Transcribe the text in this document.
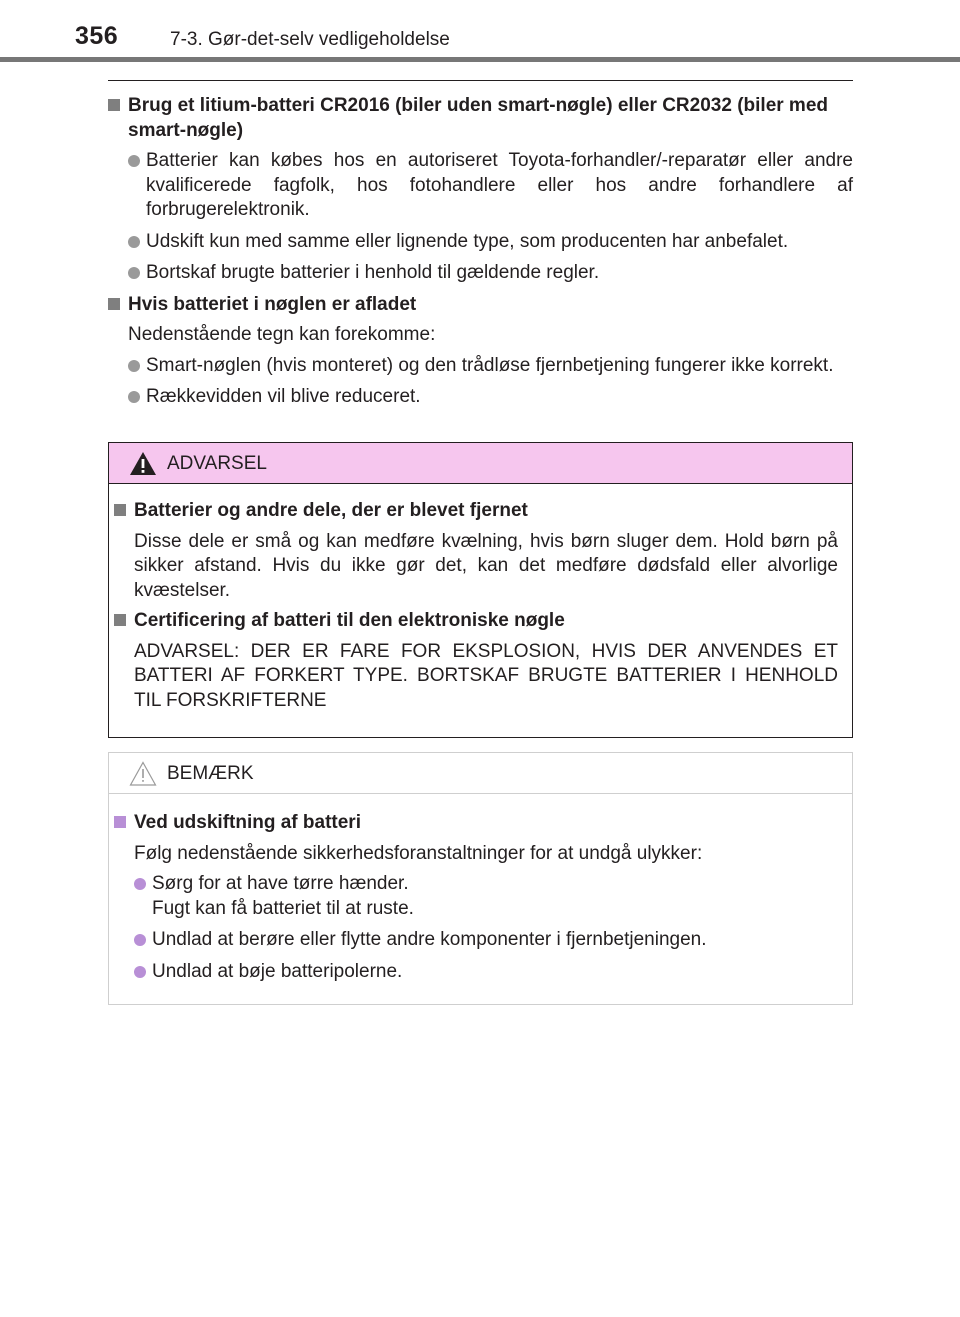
356	7-3. Gør-det-selv vedligeholdelse
Brug et litium-batteri CR2016 (biler uden smart-nøgle) eller CR2032 (biler med smart-nøgle)
Batterier kan købes hos en autoriseret Toyota-forhandler/-reparatør eller andre kvalificerede fagfolk, hos fotohandlere eller hos andre forhandlere af forbrugerelektronik.
Udskift kun med samme eller lignende type, som producenten har anbefalet.
Bortskaf brugte batterier i henhold til gældende regler.
Hvis batteriet i nøglen er afladet
Nedenstående tegn kan forekomme:
Smart-nøglen (hvis monteret) og den trådløse fjernbetjening fungerer ikke korrekt.
Rækkevidden vil blive reduceret.
ADVARSEL
Batterier og andre dele, der er blevet fjernet
Disse dele er små og kan medføre kvælning, hvis børn sluger dem. Hold børn på sikker afstand. Hvis du ikke gør det, kan det medføre dødsfald eller alvorlige kvæstelser.
Certificering af batteri til den elektroniske nøgle
ADVARSEL: DER ER FARE FOR EKSPLOSION, HVIS DER ANVENDES ET BATTERI AF FORKERT TYPE. BORTSKAF BRUGTE BATTERIER I HENHOLD TIL FORSKRIFTERNE
BEMÆRK
Ved udskiftning af batteri
Følg nedenstående sikkerhedsforanstaltninger for at undgå ulykker:
Sørg for at have tørre hænder.
Fugt kan få batteriet til at ruste.
Undlad at berøre eller flytte andre komponenter i fjernbetjeningen.
Undlad at bøje batteripolerne.
